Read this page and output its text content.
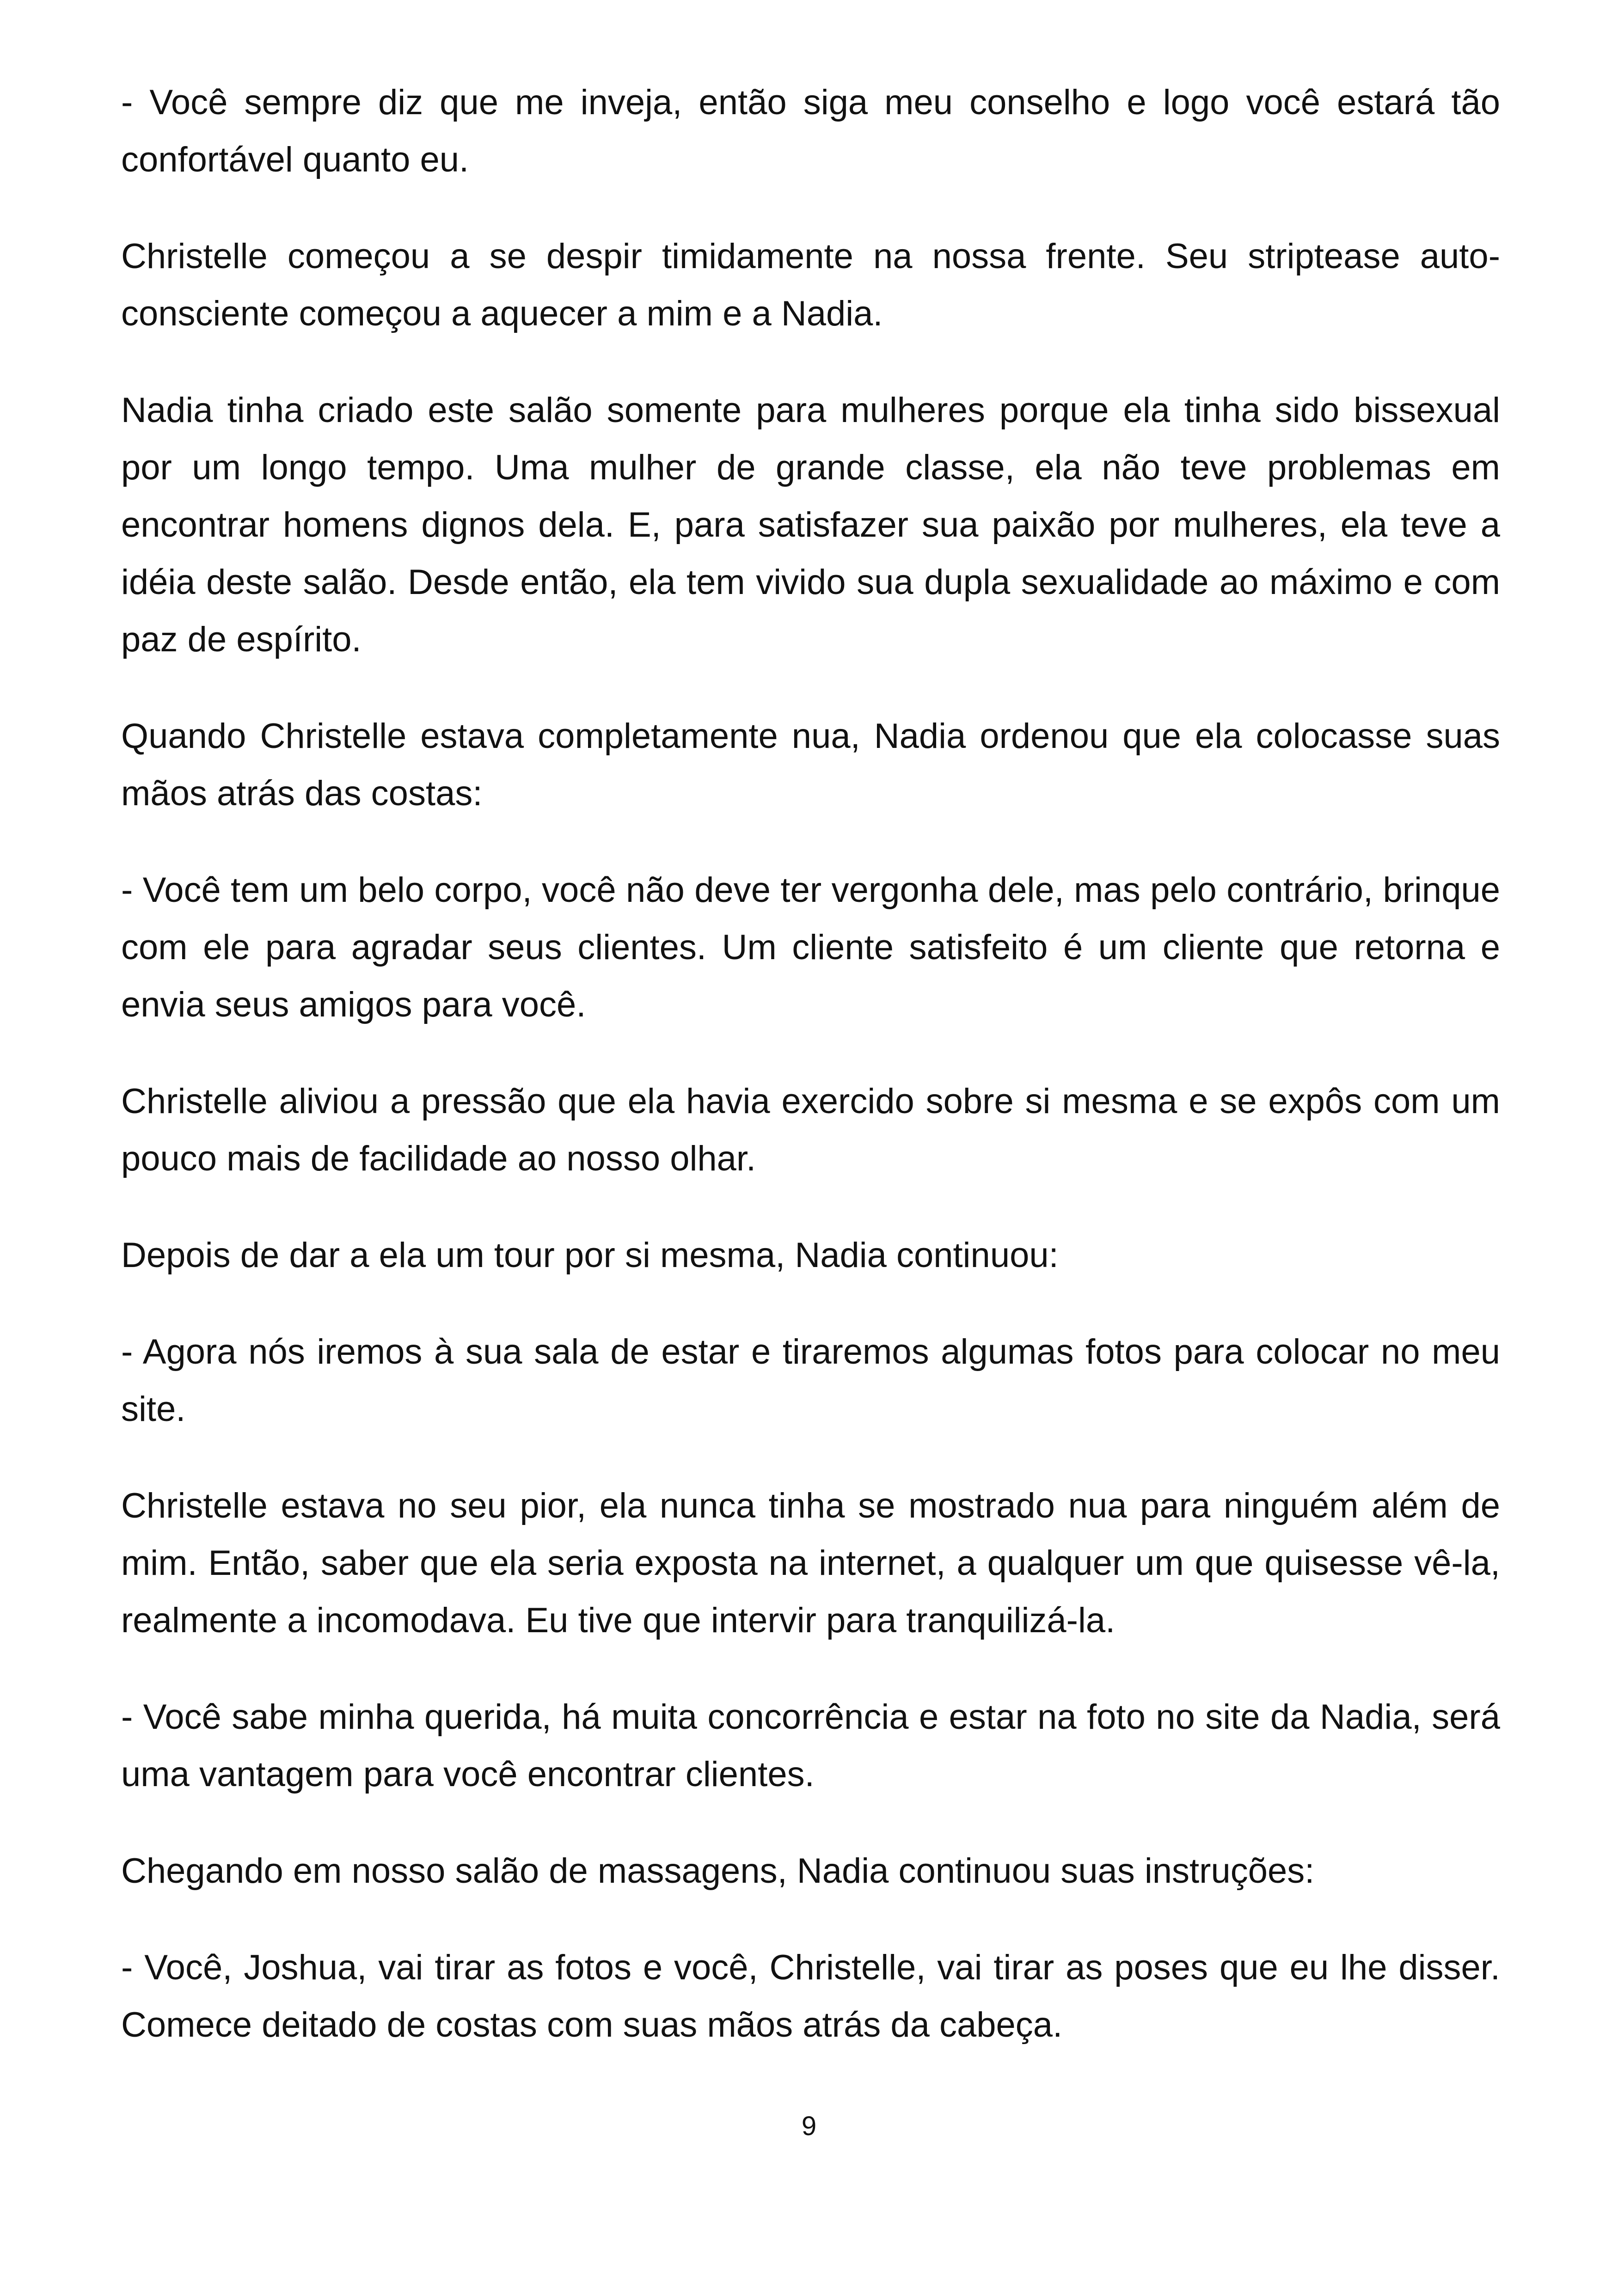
- Você sempre diz que me inveja, então siga meu conselho e logo você estará tão confortável quanto eu.

Christelle começou a se despir timidamente na nossa frente. Seu striptease auto-consciente começou a aquecer a mim e a Nadia.

Nadia tinha criado este salão somente para mulheres porque ela tinha sido bissexual por um longo tempo. Uma mulher de grande classe, ela não teve problemas em encontrar homens dignos dela. E, para satisfazer sua paixão por mulheres, ela teve a idéia deste salão. Desde então, ela tem vivido sua dupla sexualidade ao máximo e com paz de espírito.

Quando Christelle estava completamente nua, Nadia ordenou que ela colocasse suas mãos atrás das costas:

- Você tem um belo corpo, você não deve ter vergonha dele, mas pelo contrário, brinque com ele para agradar seus clientes. Um cliente satisfeito é um cliente que retorna e envia seus amigos para você.

Christelle aliviou a pressão que ela havia exercido sobre si mesma e se expôs com um pouco mais de facilidade ao nosso olhar.

Depois de dar a ela um tour por si mesma, Nadia continuou:

- Agora nós iremos à sua sala de estar e tiraremos algumas fotos para colocar no meu site.

Christelle estava no seu pior, ela nunca tinha se mostrado nua para ninguém além de mim. Então, saber que ela seria exposta na internet, a qualquer um que quisesse vê-la, realmente a incomodava. Eu tive que intervir para tranquilizá-la.

- Você sabe minha querida, há muita concorrência e estar na foto no site da Nadia, será uma vantagem para você encontrar clientes.

Chegando em nosso salão de massagens, Nadia continuou suas instruções:

- Você, Joshua, vai tirar as fotos e você, Christelle, vai tirar as poses que eu lhe disser. Comece deitado de costas com suas mãos atrás da cabeça.

9
